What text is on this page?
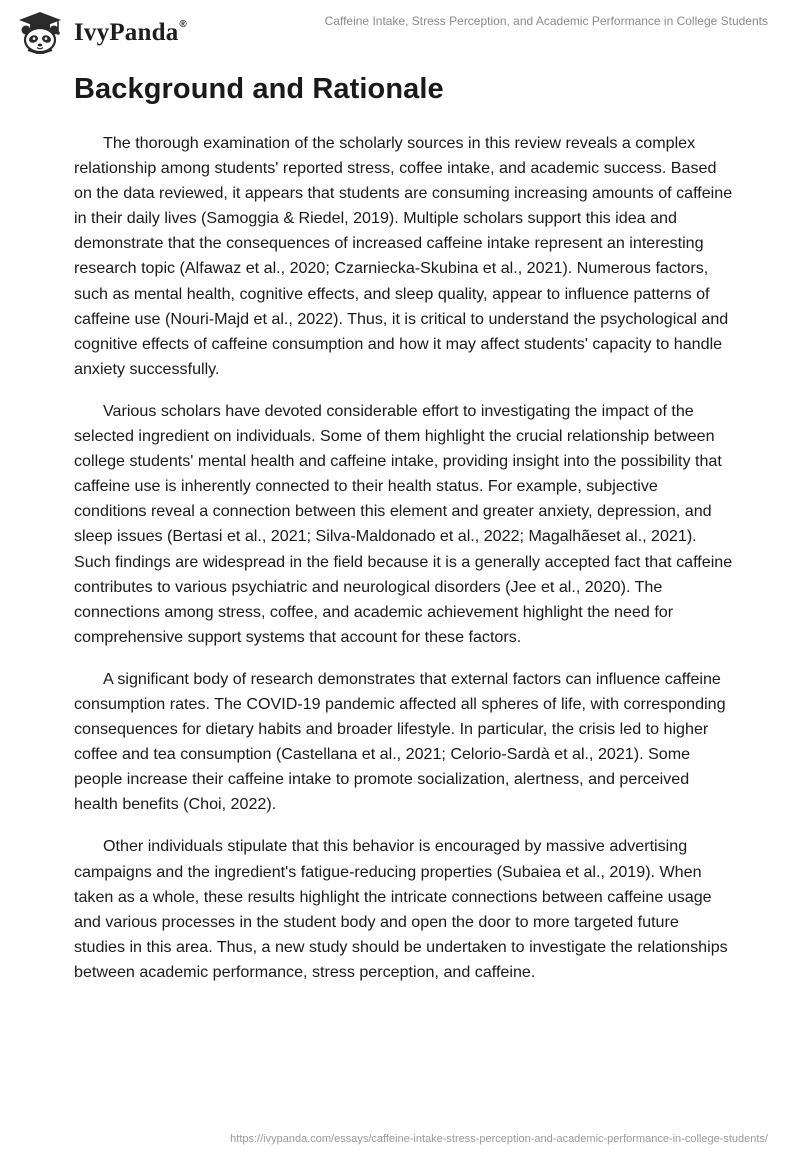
IvyPanda®	Caffeine Intake, Stress Perception, and Academic Performance in College Students
Background and Rationale

The thorough examination of the scholarly sources in this review reveals a complex relationship among students' reported stress, coffee intake, and academic success. Based on the data reviewed, it appears that students are consuming increasing amounts of caffeine in their daily lives (Samoggia & Riedel, 2019). Multiple scholars support this idea and demonstrate that the consequences of increased caffeine intake represent an interesting research topic (Alfawaz et al., 2020; Czarniecka-Skubina et al., 2021). Numerous factors, such as mental health, cognitive effects, and sleep quality, appear to influence patterns of caffeine use (Nouri-Majd et al., 2022). Thus, it is critical to understand the psychological and cognitive effects of caffeine consumption and how it may affect students' capacity to handle anxiety successfully.

Various scholars have devoted considerable effort to investigating the impact of the selected ingredient on individuals. Some of them highlight the crucial relationship between college students' mental health and caffeine intake, providing insight into the possibility that caffeine use is inherently connected to their health status. For example, subjective conditions reveal a connection between this element and greater anxiety, depression, and sleep issues (Bertasi et al., 2021; Silva-Maldonado et al., 2022; Magalhãeset al., 2021). Such findings are widespread in the field because it is a generally accepted fact that caffeine contributes to various psychiatric and neurological disorders (Jee et al., 2020). The connections among stress, coffee, and academic achievement highlight the need for comprehensive support systems that account for these factors.

A significant body of research demonstrates that external factors can influence caffeine consumption rates. The COVID-19 pandemic affected all spheres of life, with corresponding consequences for dietary habits and broader lifestyle. In particular, the crisis led to higher coffee and tea consumption (Castellana et al., 2021; Celorio-Sardà et al., 2021). Some people increase their caffeine intake to promote socialization, alertness, and perceived health benefits (Choi, 2022).

Other individuals stipulate that this behavior is encouraged by massive advertising campaigns and the ingredient's fatigue-reducing properties (Subaiea et al., 2019). When taken as a whole, these results highlight the intricate connections between caffeine usage and various processes in the student body and open the door to more targeted future studies in this area. Thus, a new study should be undertaken to investigate the relationships between academic performance, stress perception, and caffeine.

https://ivypanda.com/essays/caffeine-intake-stress-perception-and-academic-performance-in-college-students/
